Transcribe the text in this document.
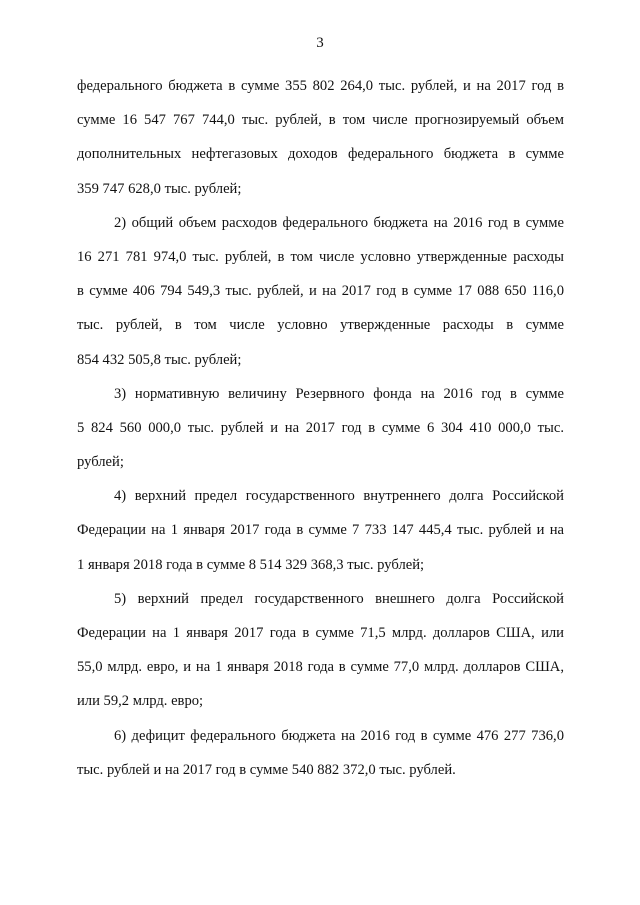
3
федерального бюджета в сумме 355 802 264,0 тыс. рублей, и на 2017 год в
сумме 16 547 767 744,0 тыс. рублей, в том числе прогнозируемый объем
дополнительных нефтегазовых доходов федерального бюджета в сумме
359 747 628,0 тыс. рублей;
2) общий объем расходов федерального бюджета на 2016 год в сумме
16 271 781 974,0 тыс. рублей, в том числе условно утвержденные расходы
в сумме 406 794 549,3 тыс. рублей, и на 2017 год в сумме 17 088 650 116,0
тыс. рублей, в том числе условно утвержденные расходы в сумме
854 432 505,8 тыс. рублей;
3) нормативную величину Резервного фонда на 2016 год в сумме
5 824 560 000,0 тыс. рублей и на 2017 год в сумме 6 304 410 000,0 тыс.
рублей;
4) верхний предел государственного внутреннего долга Российской
Федерации на 1 января 2017 года в сумме 7 733 147 445,4 тыс. рублей и на
1 января 2018 года в сумме 8 514 329 368,3 тыс. рублей;
5) верхний предел государственного внешнего долга Российской
Федерации на 1 января 2017 года в сумме 71,5 млрд. долларов США, или
55,0 млрд. евро, и на 1 января 2018 года в сумме 77,0 млрд. долларов США,
или 59,2 млрд. евро;
6) дефицит федерального бюджета на 2016 год в сумме 476 277 736,0
тыс. рублей и на 2017 год в сумме 540 882 372,0 тыс. рублей.
